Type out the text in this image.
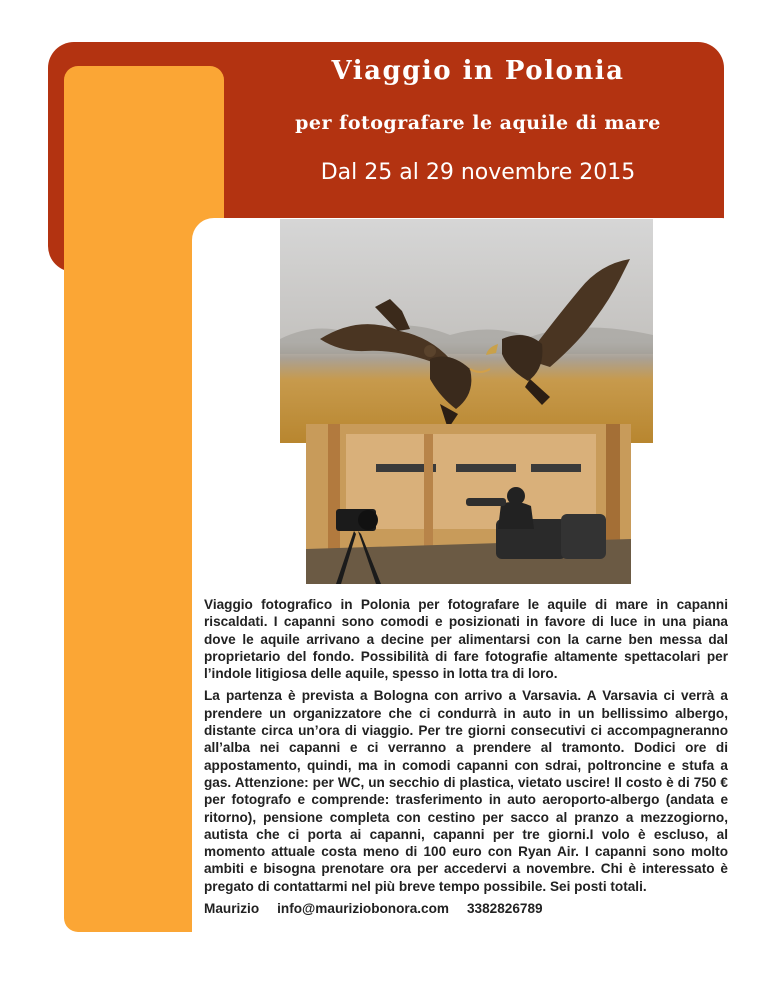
Viaggio in Polonia
per fotografare le aquile di mare
Dal 25 al 29 novembre 2015

Viaggio fotografico in Polonia per fotografare le aquile di mare in capanni riscaldati. I capanni sono comodi e posizionati in favore di luce in una piana dove le aquile arrivano a decine per alimentarsi con la carne ben messa dal proprietario del fondo. Possibilità di fare fotografie altamente spettacolari per l’indole litigiosa delle aquile, spesso in lotta tra di loro.

La partenza è prevista a Bologna con arrivo a Varsavia. A Varsavia ci verrà a prendere un organizzatore che ci condurrà in auto in un bellissimo albergo, distante circa un’ora di viaggio. Per tre giorni consecutivi ci accompagneranno all’alba nei capanni e ci verranno a prendere al tramonto. Dodici ore di appostamento, quindi, ma in comodi capanni con sdrai, poltroncine e stufa a gas. Attenzione: per WC, un secchio di plastica, vietato uscire! Il costo è di 750 € per fotografo e comprende: trasferimento in auto aeroporto-albergo (andata e ritorno), pensione completa con cestino per sacco al pranzo a mezzogiorno, autista che ci porta ai capanni, capanni per tre giorni.I volo è escluso, al momento attuale costa meno di 100 euro con Ryan Air. I capanni sono molto ambiti e bisogna prenotare ora per accedervi a novembre. Chi è interessato è pregato di contattarmi nel più breve tempo possibile. Sei posti totali.

Maurizio info@mauriziobonora.com 3382826789
